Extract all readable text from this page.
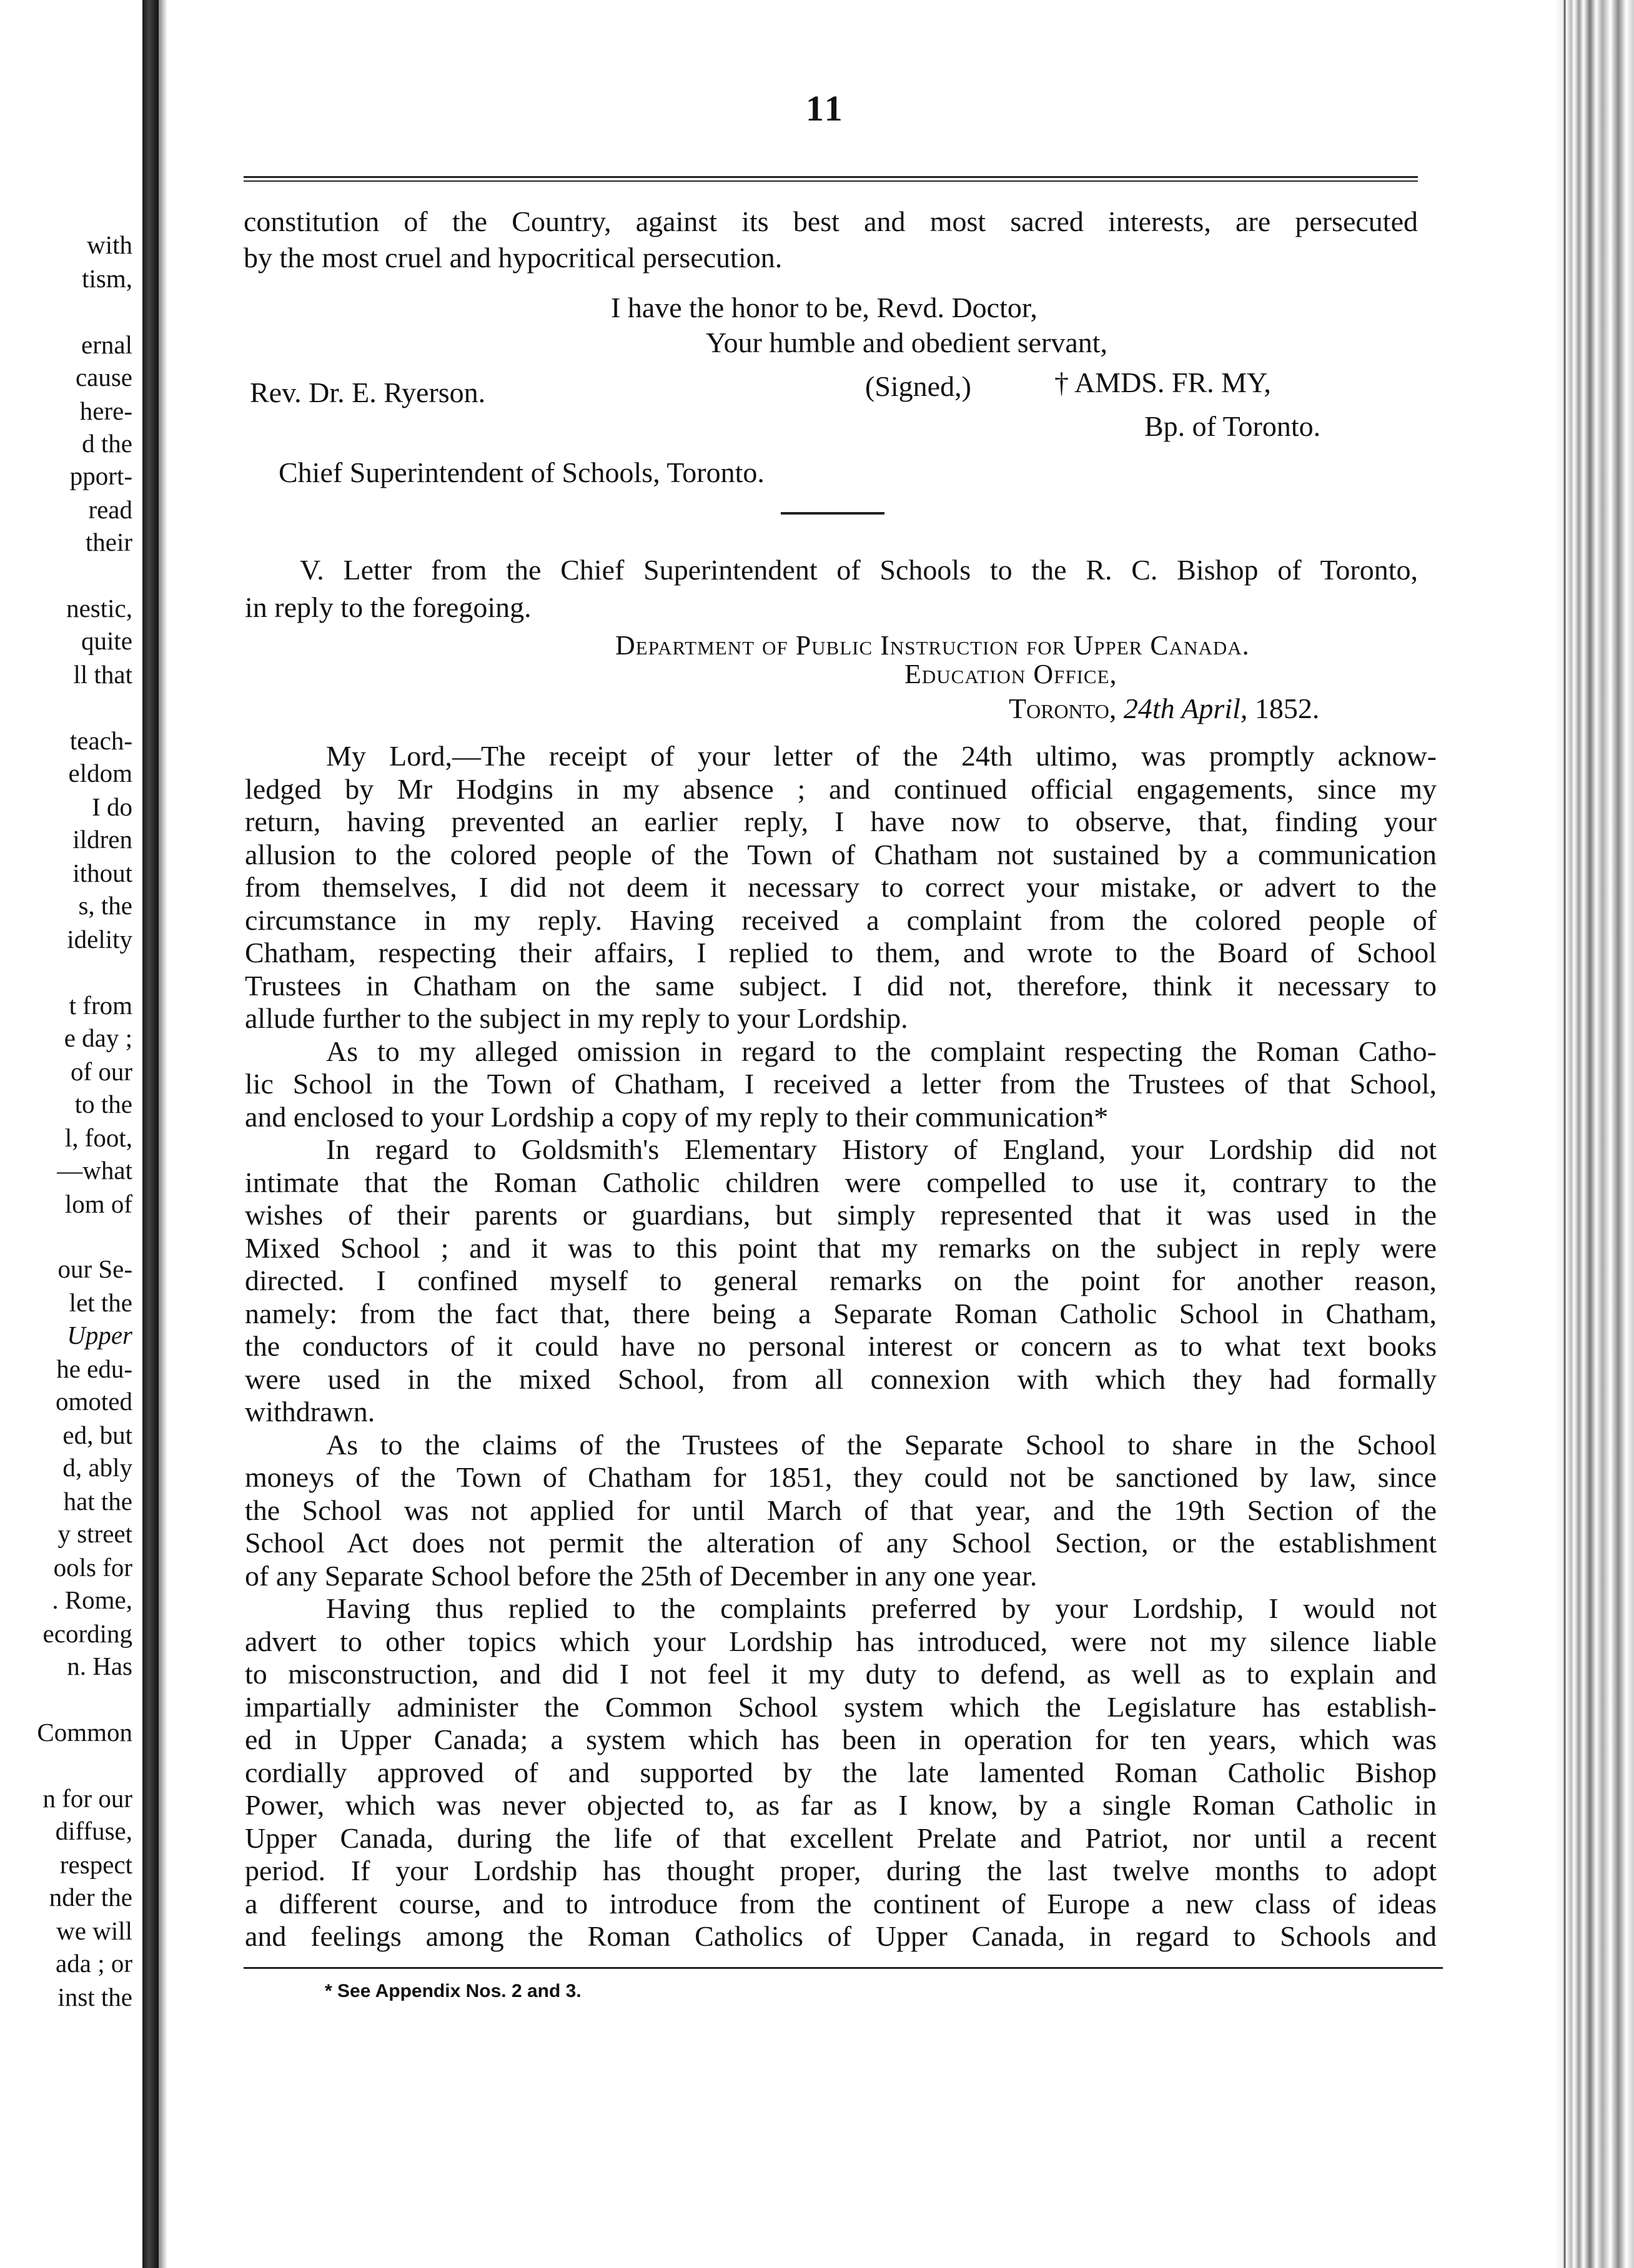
with
tism,
ernal
cause
here-
d the
pport-
read
their
nestic,
quite
ll that
teach-
eldom
I do
ildren
ithout
s, the
idelity
t from
e day ;
of our
to the
l, foot,
—what
lom of
our Se-
let the
Upper
he edu-
omoted
ed, but
d, ably
hat the
y street
ools for
. Rome,
ecording
n. Has
Common
n for our
diffuse,
respect
nder the
we will
ada ; or
inst the
11
constitution of the Country, against its best and most sacred interests, are persecuted
by the most cruel and hypocritical persecution.
I have the honor to be, Revd. Doctor,
Your humble and obedient servant,
Rev. Dr. E. Ryerson.	(Signed,)	† AMDS. FR. MY,
Bp. of Toronto.
Chief Superintendent of Schools, Toronto.
V. Letter from the Chief Superintendent of Schools to the R. C. Bishop of Toronto,
in reply to the foregoing.
Department of Public Instruction for Upper Canada.
Education Office,
Toronto, 24th April, 1852.
My Lord,—The receipt of your letter of the 24th ultimo, was promptly acknow-
ledged by Mr Hodgins in my absence ; and continued official engagements, since my
return, having prevented an earlier reply, I have now to observe, that, finding your
allusion to the colored people of the Town of Chatham not sustained by a communication
from themselves, I did not deem it necessary to correct your mistake, or advert to the
circumstance in my reply. Having received a complaint from the colored people of
Chatham, respecting their affairs, I replied to them, and wrote to the Board of School
Trustees in Chatham on the same subject. I did not, therefore, think it necessary to
allude further to the subject in my reply to your Lordship.
As to my alleged omission in regard to the complaint respecting the Roman Catho-
lic School in the Town of Chatham, I received a letter from the Trustees of that School,
and enclosed to your Lordship a copy of my reply to their communication*
In regard to Goldsmith's Elementary History of England, your Lordship did not
intimate that the Roman Catholic children were compelled to use it, contrary to the
wishes of their parents or guardians, but simply represented that it was used in the
Mixed School ; and it was to this point that my remarks on the subject in reply were
directed. I confined myself to general remarks on the point for another reason,
namely: from the fact that, there being a Separate Roman Catholic School in Chatham,
the conductors of it could have no personal interest or concern as to what text books
were used in the mixed School, from all connexion with which they had formally
withdrawn.
As to the claims of the Trustees of the Separate School to share in the School
moneys of the Town of Chatham for 1851, they could not be sanctioned by law, since
the School was not applied for until March of that year, and the 19th Section of the
School Act does not permit the alteration of any School Section, or the establishment
of any Separate School before the 25th of December in any one year.
Having thus replied to the complaints preferred by your Lordship, I would not
advert to other topics which your Lordship has introduced, were not my silence liable
to misconstruction, and did I not feel it my duty to defend, as well as to explain and
impartially administer the Common School system which the Legislature has establish-
ed in Upper Canada; a system which has been in operation for ten years, which was
cordially approved of and supported by the late lamented Roman Catholic Bishop
Power, which was never objected to, as far as I know, by a single Roman Catholic in
Upper Canada, during the life of that excellent Prelate and Patriot, nor until a recent
period. If your Lordship has thought proper, during the last twelve months to adopt
a different course, and to introduce from the continent of Europe a new class of ideas
and feelings among the Roman Catholics of Upper Canada, in regard to Schools and
* See Appendix Nos. 2 and 3.
